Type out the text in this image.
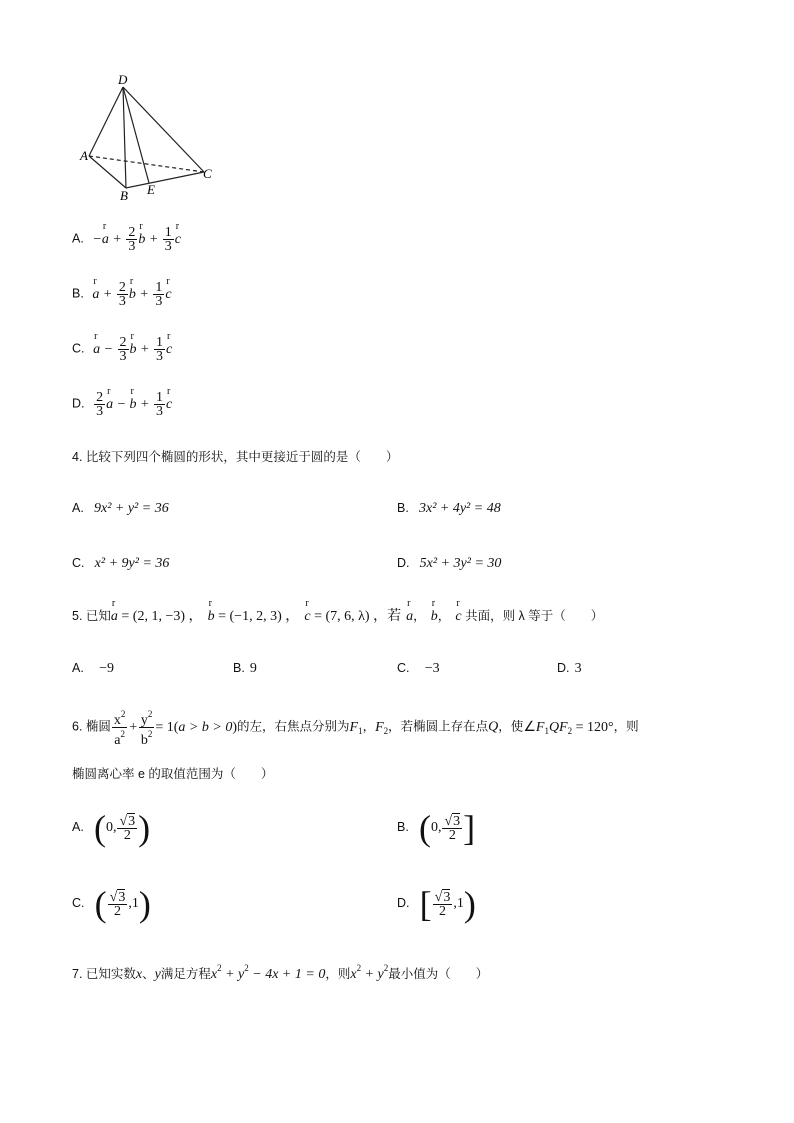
D
A
B E
C
A.  −r $a + \frac{2}{3}$ r $b + \frac{1}{3}$ r c
B. r $a + \frac{2}{3}$ r $b + \frac{1}{3}$ r c
C. r $a - \frac{2}{3}$ r $b + \frac{1}{3}$ r c
D. $\frac{2}{3}$ r a − r $b + \frac{1}{3}$ r c
4. 比较下列四个椭圆的形状，其中更接近于圆的是（　　）
A. 9x² + y² = 36	B. 3x² + 4y² = 48
C. x² + 9y² = 36	D. 5x² + 3y² = 30
5. 已知r a = (2, 1, −3) ， r b = (−1, 2, 3) ， r c = (7, 6, λ) ，若 r a， r b， r c 共面，则 λ 等于（　　）
A. −9	B. 9	C. −3	D. 3
6. 椭圆 $\frac{x^2}{a^2} + \frac{y^2}{b^2} = 1(a > b > 0)$的左，右焦点分别为$F_1$，$F_2$，若椭圆上存在点Q，使$\angle F_1QF_2 = 120^\circ$，则
椭圆离心率 e 的取值范围为（　　）
A. (0, $\frac{√3}{2}$ )	B. (0, $\frac{√3}{2}$ ]
C. ( $\frac{√3}{2} ,1$)	D. [ $\frac{√3}{2} ,1$)
7. 已知实数x、y满足方程$x^2 + y^2 - 4x + 1 = 0$，则$x^2 + y^2$最小值为（　　）
